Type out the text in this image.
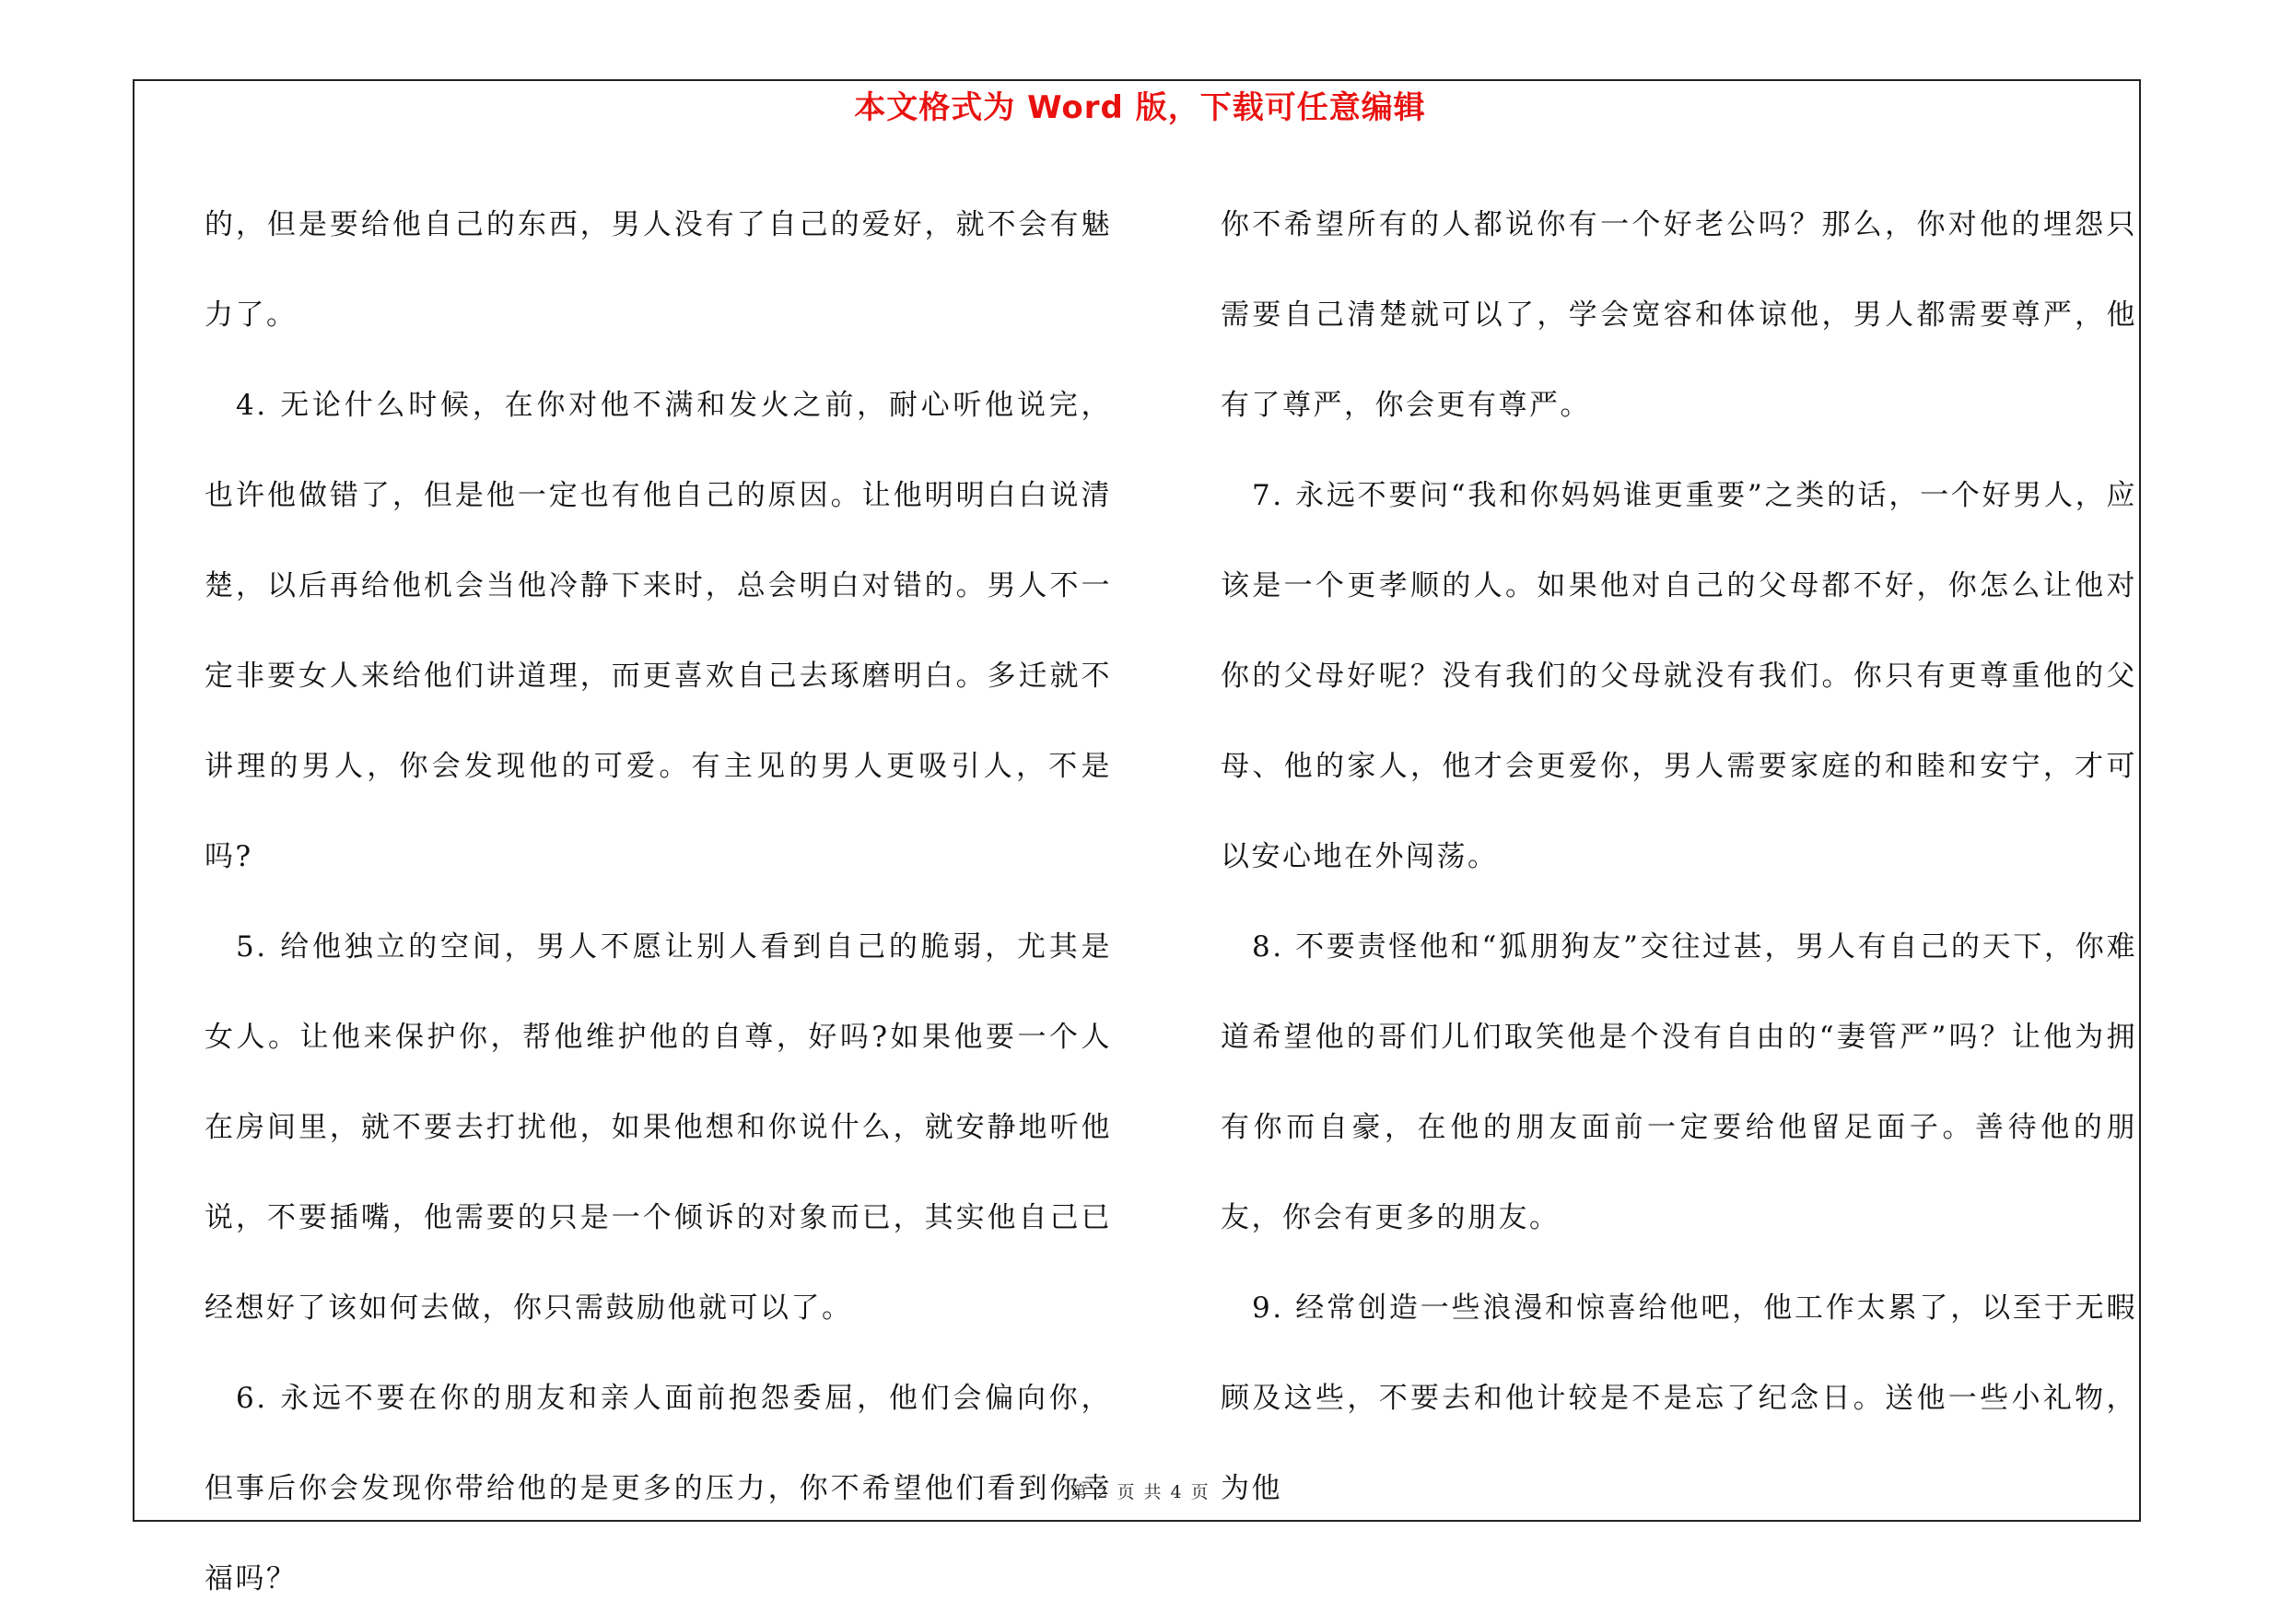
本文格式为 Word 版，下载可任意编辑

的，但是要给他自己的东西，男人没有了自己的爱好，就不会有魅力了。

4. 无论什么时候，在你对他不满和发火之前，耐心听他说完，也许他做错了，但是他一定也有他自己的原因。让他明明白白说清楚，以后再给他机会当他冷静下来时，总会明白对错的。男人不一定非要女人来给他们讲道理，而更喜欢自己去琢磨明白。多迁就不讲理的男人，你会发现他的可爱。有主见的男人更吸引人，不是吗?

5. 给他独立的空间，男人不愿让别人看到自己的脆弱，尤其是女人。让他来保护你，帮他维护他的自尊，好吗?如果他要一个人在房间里，就不要去打扰他，如果他想和你说什么，就安静地听他说，不要插嘴，他需要的只是一个倾诉的对象而已，其实他自己已经想好了该如何去做，你只需鼓励他就可以了。

6. 永远不要在你的朋友和亲人面前抱怨委屈，他们会偏向你，但事后你会发现你带给他的是更多的压力，你不希望他们看到你幸福吗？

你不希望所有的人都说你有一个好老公吗？那么，你对他的埋怨只需要自己清楚就可以了，学会宽容和体谅他，男人都需要尊严，他有了尊严，你会更有尊严。

7. 永远不要问“我和你妈妈谁更重要”之类的话，一个好男人，应该是一个更孝顺的人。如果他对自己的父母都不好，你怎么让他对你的父母好呢？没有我们的父母就没有我们。你只有更尊重他的父母、他的家人，他才会更爱你，男人需要家庭的和睦和安宁，才可以安心地在外闯荡。

8. 不要责怪他和“狐朋狗友”交往过甚，男人有自己的天下，你难道希望他的哥们儿们取笑他是个没有自由的“妻管严”吗？让他为拥有你而自豪，在他的朋友面前一定要给他留足面子。善待他的朋友，你会有更多的朋友。

9. 经常创造一些浪漫和惊喜给他吧，他工作太累了，以至于无暇顾及这些，不要去和他计较是不是忘了纪念日。送他一些小礼物，为他

第 2 页 共 4 页
